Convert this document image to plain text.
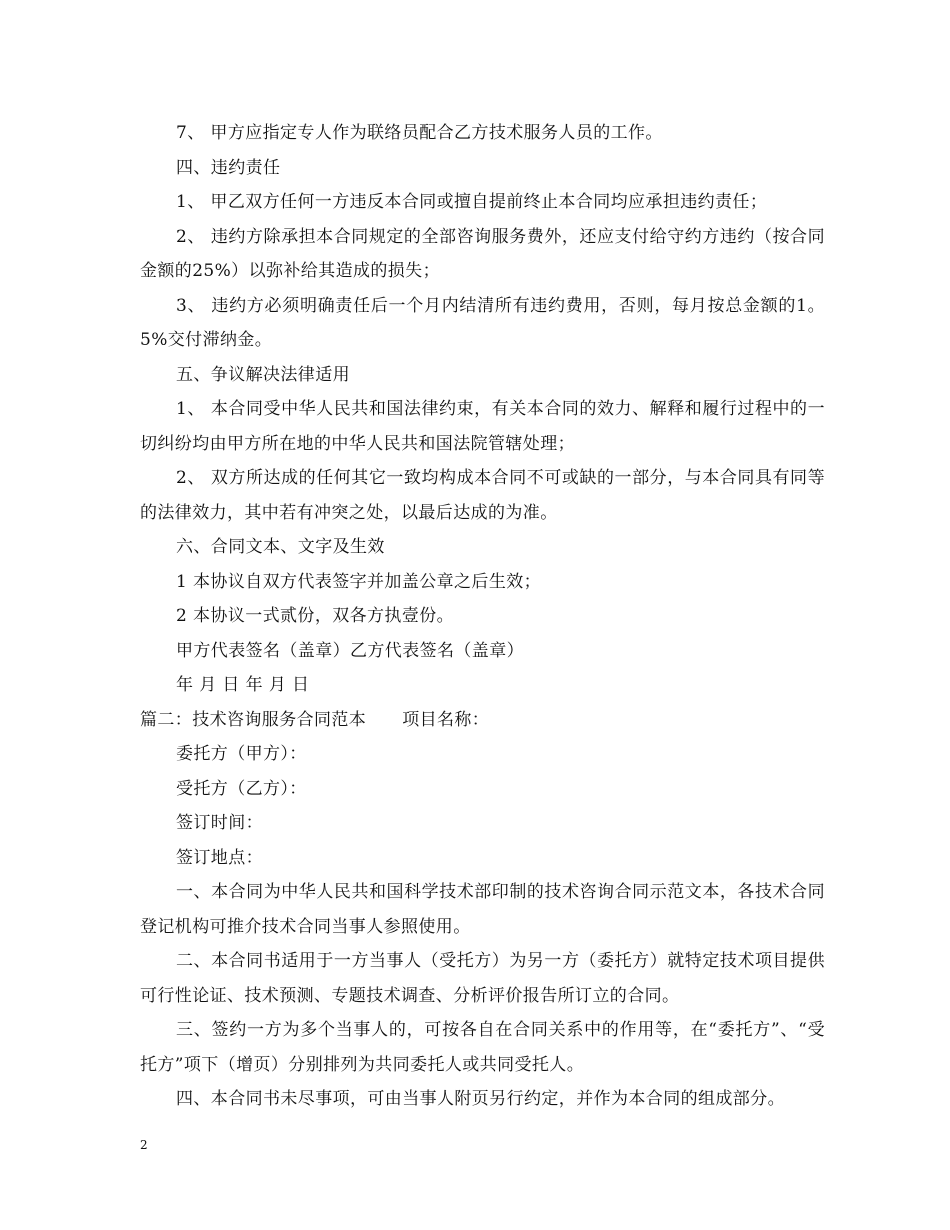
7、 甲方应指定专人作为联络员配合乙方技术服务人员的工作。

四、违约责任

1、 甲乙双方任何一方违反本合同或擅自提前终止本合同均应承担违约责任；

2、 违约方除承担本合同规定的全部咨询服务费外，还应支付给守约方违约（按合同金额的25%）以弥补给其造成的损失；

3、 违约方必须明确责任后一个月内结清所有违约费用，否则，每月按总金额的1。5%交付滞纳金。

五、争议解决法律适用

1、 本合同受中华人民共和国法律约束，有关本合同的效力、解释和履行过程中的一切纠纷均由甲方所在地的中华人民共和国法院管辖处理；

2、 双方所达成的任何其它一致均构成本合同不可或缺的一部分，与本合同具有同等的法律效力，其中若有冲突之处，以最后达成的为准。

六、合同文本、文字及生效

1 本协议自双方代表签字并加盖公章之后生效；

2 本协议一式贰份，双各方执壹份。

甲方代表签名（盖章）乙方代表签名（盖章）

年 月 日 年 月 日

篇二：技术咨询服务合同范本 项目名称：

委托方（甲方）：

受托方（乙方）：

签订时间：

签订地点：

一、本合同为中华人民共和国科学技术部印制的技术咨询合同示范文本，各技术合同登记机构可推介技术合同当事人参照使用。

二、本合同书适用于一方当事人（受托方）为另一方（委托方）就特定技术项目提供可行性论证、技术预测、专题技术调查、分析评价报告所订立的合同。

三、签约一方为多个当事人的，可按各自在合同关系中的作用等，在“委托方”、“受托方”项下（增页）分别排列为共同委托人或共同受托人。

四、本合同书未尽事项，可由当事人附页另行约定，并作为本合同的组成部分。

2
